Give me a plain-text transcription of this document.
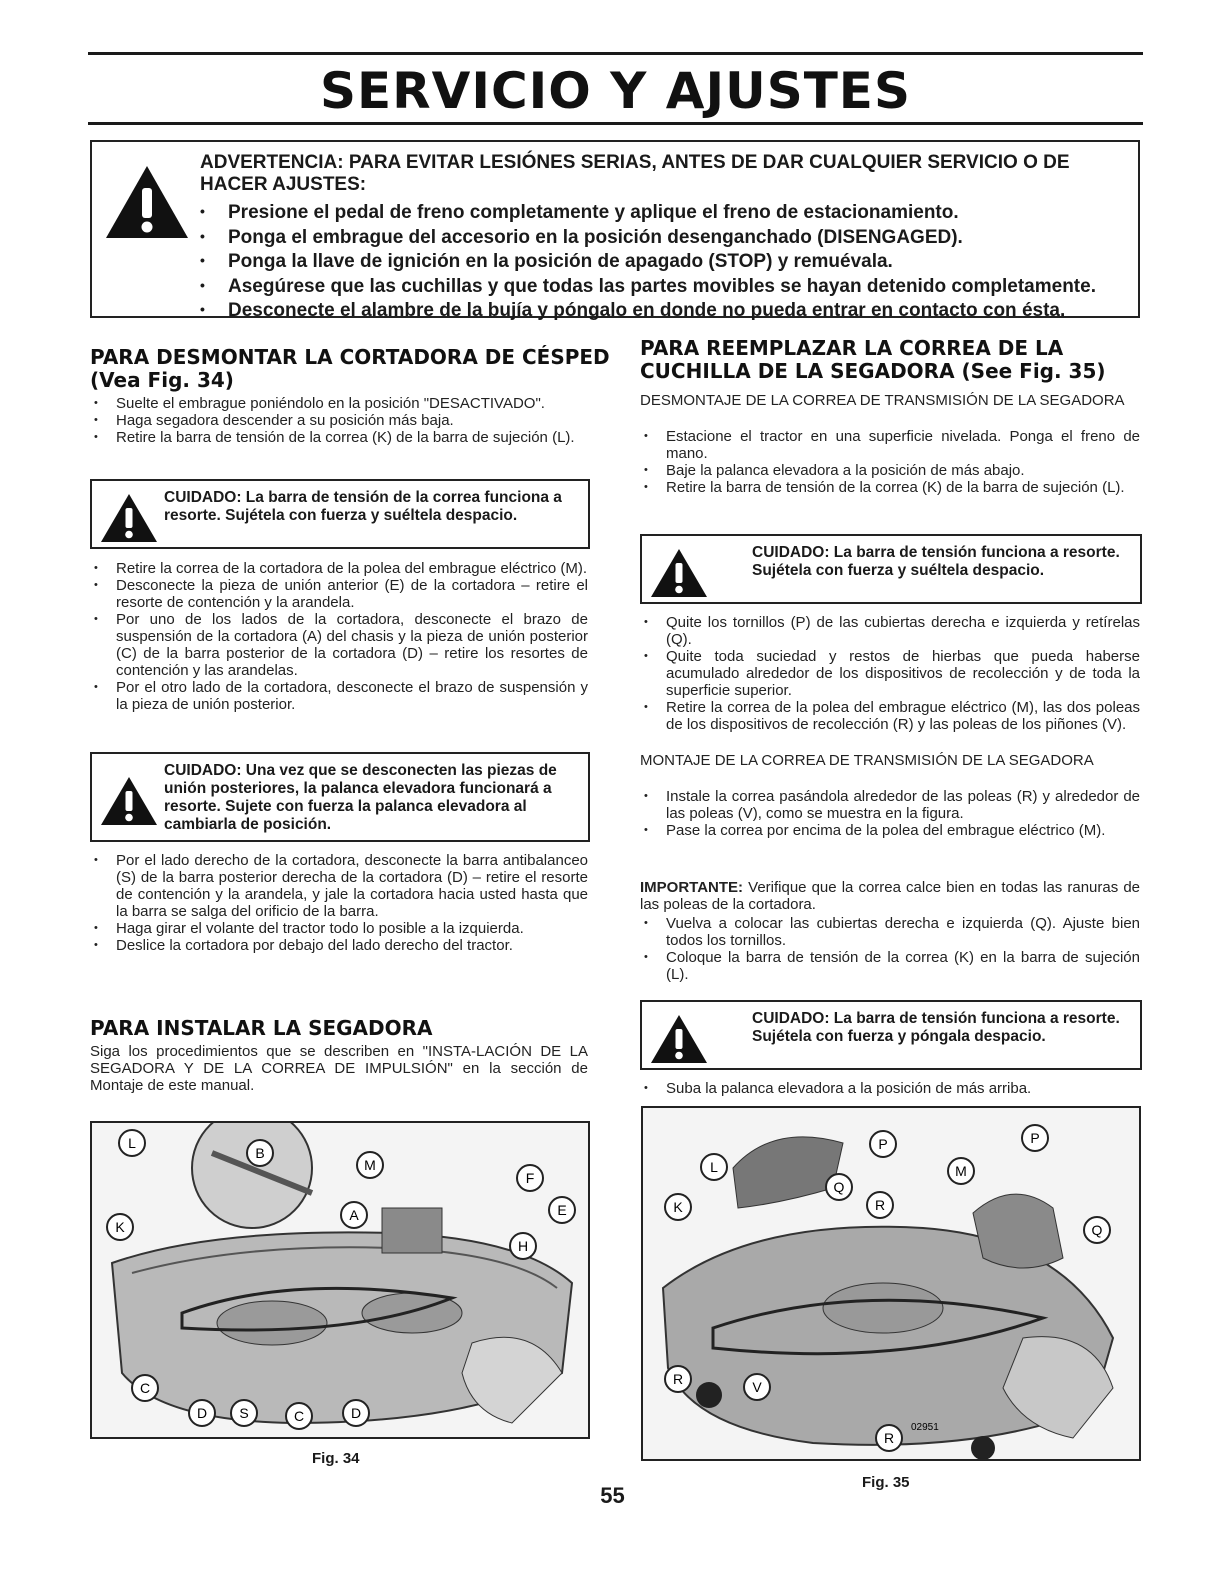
SERVICIO Y AJUSTES
ADVERTENCIA: PARA EVITAR LESIÓNES SERIAS, ANTES DE DAR CUALQUIER SERVICIO O DE
HACER AJUSTES:
• Presione el pedal de freno completamente y aplique el freno de estacionamiento.
• Ponga el embrague del accesorio en la posición desenganchado (DISENGAGED).
• Ponga la llave de ignición en la posición de apagado (STOP) y remuévala.
• Asegúrese que las cuchillas y que todas las partes movibles se hayan detenido completamente.
• Desconecte el alambre de la bujía y póngalo en donde no pueda entrar en contacto con ésta.
PARA DESMONTAR LA CORTADORA DE CÉSPED
(Vea Fig. 34)
• Suelte el embrague poniéndolo en la posición "DESACTIVADO".
• Haga segadora descender a su posición más baja.
• Retire la barra de tensión de la correa (K) de la barra de sujeción (L).
CUIDADO: La barra de tensión de la correa funciona a resorte. Sujétela con fuerza y suéltela despacio.
• Retire la correa de la cortadora de la polea del embrague eléctrico (M).
• Desconecte la pieza de unión anterior (E) de la cortadora – retire el resorte de contención y la arandela.
• Por uno de los lados de la cortadora, desconecte el brazo de suspensión de la cortadora (A) del chasis y la pieza de unión posterior (C) de la barra posterior de la cortadora (D) – retire los resortes de contención y las arandelas.
• Por el otro lado de la cortadora, desconecte el brazo de suspensión y la pieza de unión posterior.
CUIDADO: Una vez que se desconecten las piezas de unión posteriores, la palanca elevadora funcionará a resorte. Sujete con fuerza la palanca elevadora al cambiarla de posición.
• Por el lado derecho de la cortadora, desconecte la barra antibalanceo (S) de la barra posterior derecha de la cortadora (D) – retire el resorte de contención y la arandela, y jale la cortadora hacia usted hasta que la barra se salga del orificio de la barra.
• Haga girar el volante del tractor todo lo posible a la izquierda.
• Deslice la cortadora por debajo del lado derecho del tractor.
PARA INSTALAR LA SEGADORA
Siga los procedimientos que se describen en "INSTA-LACIÓN DE LA SEGADORA Y DE LA CORREA DE IMPULSIÓN" en la sección de Montaje de este manual.
L
B
M
F
K
A	E
H
C
D S	C	D
Fig. 34
PARA REEMPLAZAR LA CORREA DE LA
CUCHILLA DE LA SEGADORA (See Fig. 35)
DESMONTAJE DE LA CORREA DE TRANSMISIÓN DE LA SEGADORA
• Estacione el tractor en una superficie nivelada. Ponga el freno de mano.
• Baje la palanca elevadora a la posición de más abajo.
• Retire la barra de tensión de la correa (K) de la barra de sujeción (L).
CUIDADO: La barra de tensión funciona a resorte. Sujétela con fuerza y suéltela despacio.
• Quite los tornillos (P) de las cubiertas derecha e izquierda y retírelas (Q).
• Quite toda suciedad y restos de hierbas que pueda haberse acumulado alrededor de los dispositivos de recolección y de toda la superficie superior.
• Retire la correa de la polea del embrague eléctrico (M), las dos poleas de los dispositivos de recolección (R) y las poleas de los piñones (V).
MONTAJE DE LA CORREA DE TRANSMISIÓN DE LA SEGADORA
• Instale la correa pasándola alrededor de las poleas (R) y alrededor de las poleas (V), como se muestra en la figura.
• Pase la correa por encima de la polea del embrague eléctrico (M).
IMPORTANTE: Verifique que la correa calce bien en todas las ranuras de las poleas de la cortadora.
• Vuelva a colocar las cubiertas derecha e izquierda (Q). Ajuste bien todos los tornillos.
• Coloque la barra de tensión de la correa (K) en la barra de sujeción (L).
CUIDADO: La barra de tensión funciona a resorte. Sujétela con fuerza y póngala despacio.
• Suba la palanca elevadora a la posición de más arriba.
P	P
L	M
Q
K	R
Q
R	V
R
02951
Fig. 35
55
